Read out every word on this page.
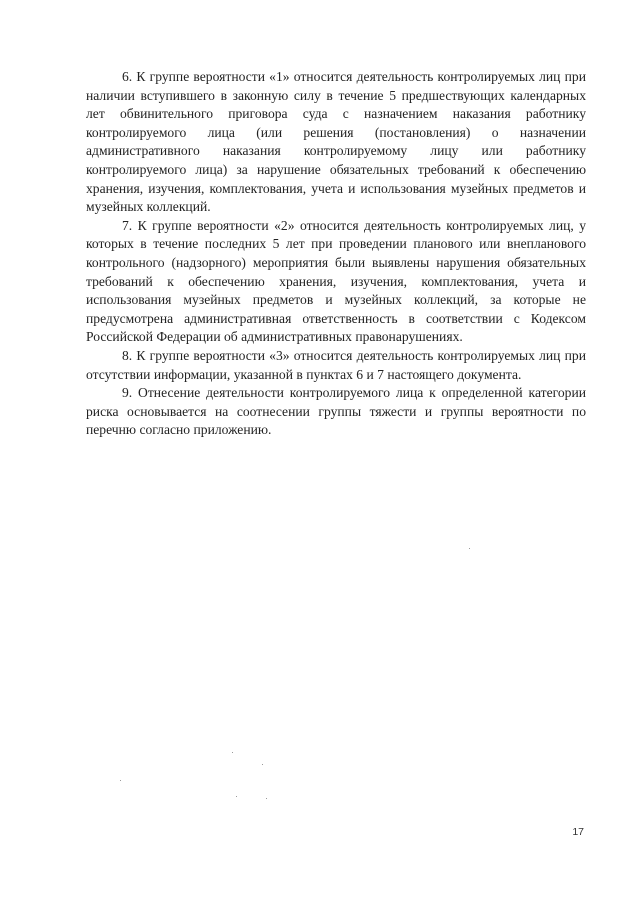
6. К группе вероятности «1» относится деятельность контролируемых лиц при наличии вступившего в законную силу в течение 5 предшествующих календарных лет обвинительного приговора суда с назначением наказания работнику контролируемого лица (или решения (постановления) о назначении административного наказания контролируемому лицу или работнику контролируемого лица) за нарушение обязательных требований к обеспечению хранения, изучения, комплектования, учета и использования музейных предметов и музейных коллекций.

7. К группе вероятности «2» относится деятельность контролируемых лиц, у которых в течение последних 5 лет при проведении планового или внепланового контрольного (надзорного) мероприятия были выявлены нарушения обязательных требований к обеспечению хранения, изучения, комплектования, учета и использования музейных предметов и музейных коллекций, за которые не предусмотрена административная ответственность в соответствии с Кодексом Российской Федерации об административных правонарушениях.

8. К группе вероятности «3» относится деятельность контролируемых лиц при отсутствии информации, указанной в пунктах 6 и 7 настоящего документа.

9. Отнесение деятельности контролируемого лица к определенной категории риска основывается на соотнесении группы тяжести и группы вероятности по перечню согласно приложению.

17
